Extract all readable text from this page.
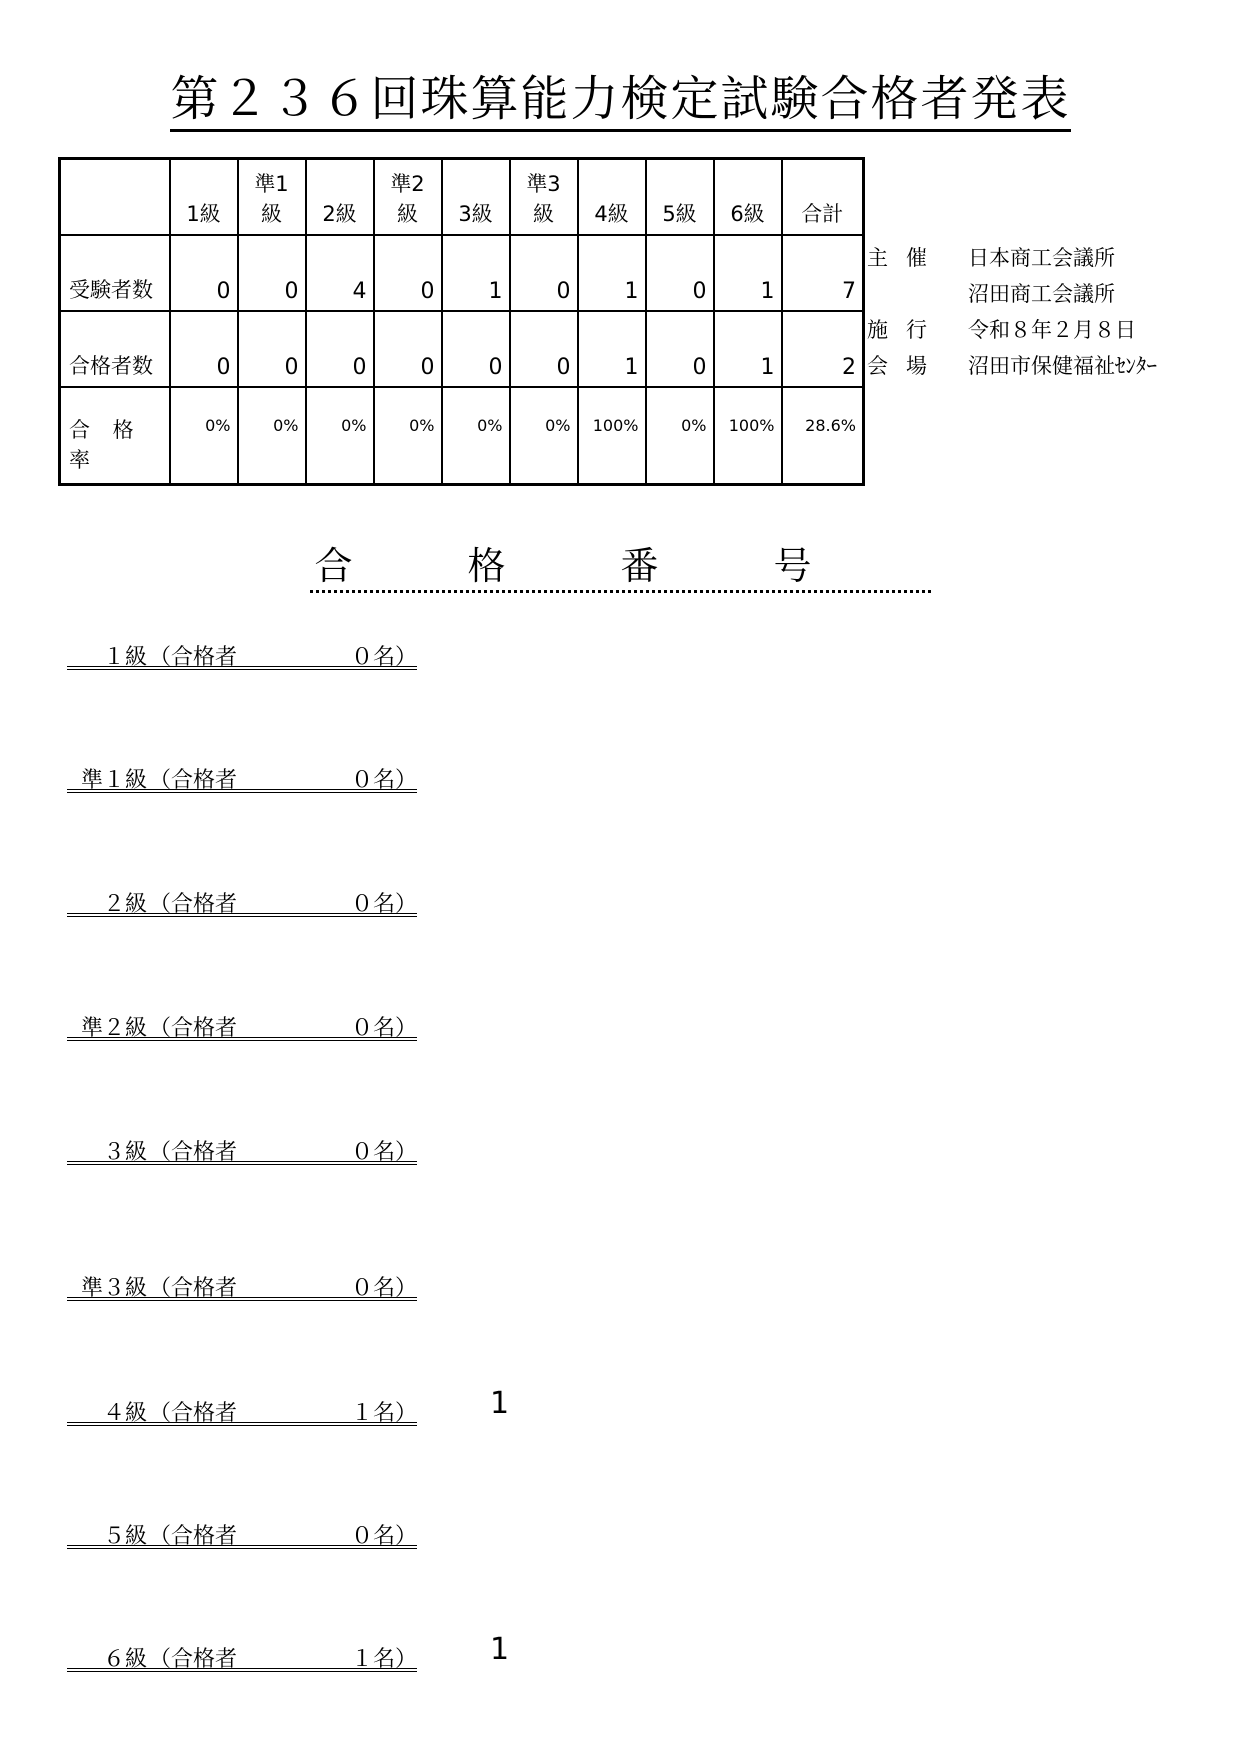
第２３６回珠算能力検定試験合格者発表
	1級	準1級	2級	準2級	3級	準3級	4級	5級	6級	合計
受験者数	0	0	4	0	1	0	1	0	1	7
合格者数	0	0	0	0	0	0	1	0	1	2
合 格 率	0%	0%	0%	0%	0%	0%	100%	0%	100%	28.6%
主催	日本商工会議所
沼田商工会議所
施行	令和８年２月８日
会場	沼田市保健福祉ｾﾝﾀｰ
合格番号
１級 （合格者	０名）
準１級 （合格者	０名）
２級 （合格者	０名）
準２級 （合格者	０名）
３級 （合格者	０名）
準３級 （合格者	０名）
４級 （合格者	１名） 1
５級 （合格者	０名）
６級 （合格者	１名） 1
